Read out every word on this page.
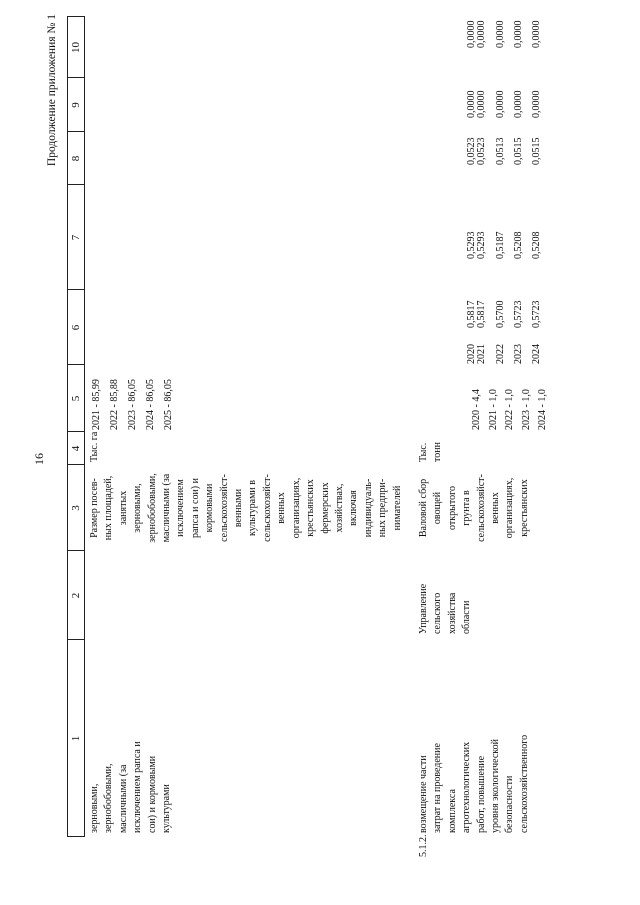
16
Продолжение приложения № 1
1
2
3
4
5
6
7
8
9
10
зерновыми,
зернобобовыми,
масличными (за
исключением рапса и
сои) и кормовыми
культурами
Размер посев-
ных площадей,
занятых
зерновыми,
зернобобовыми,
масличными (за
исключением
рапса и сои) и
кормовыми
сельскохозяйст-
венными
культурами в
сельскохозяйст-
венных
организациях,
крестьянских
фермерских
хозяйствах,
включая
индивидуаль-
ных предпри-
нимателей
Тыс. га
2021 - 85,99
2022 - 85,88
2023 - 86,05
2024 - 86,05
2025 - 86,05
5.1.2.
возмещение части
затрат на проведение
комплекса
агротехнологических
работ, повышение
уровня экологической
безопасности
сельскохозяйственного
Управление
сельского
хозяйства
области
Валовой сбор
овощей
открытого
грунта в
сельскохозяйст-
венных
организациях,
крестьянских
Тыс.
тонн
2020 - 4,4
2021 - 1,0
2022 - 1,0
2023 - 1,0
2024 - 1,0
2020
2021 2022 2023 2024
0,5817
0,5817 0,5700 0,5723 0,5723
0,5293
0,5293 0,5187 0,5208 0,5208
0,0523
0,0523 0,0513 0,0515 0,0515
0,0000
0,0000 0,0000 0,0000 0,0000
0,0000
0,0000 0,0000 0,0000 0,0000
